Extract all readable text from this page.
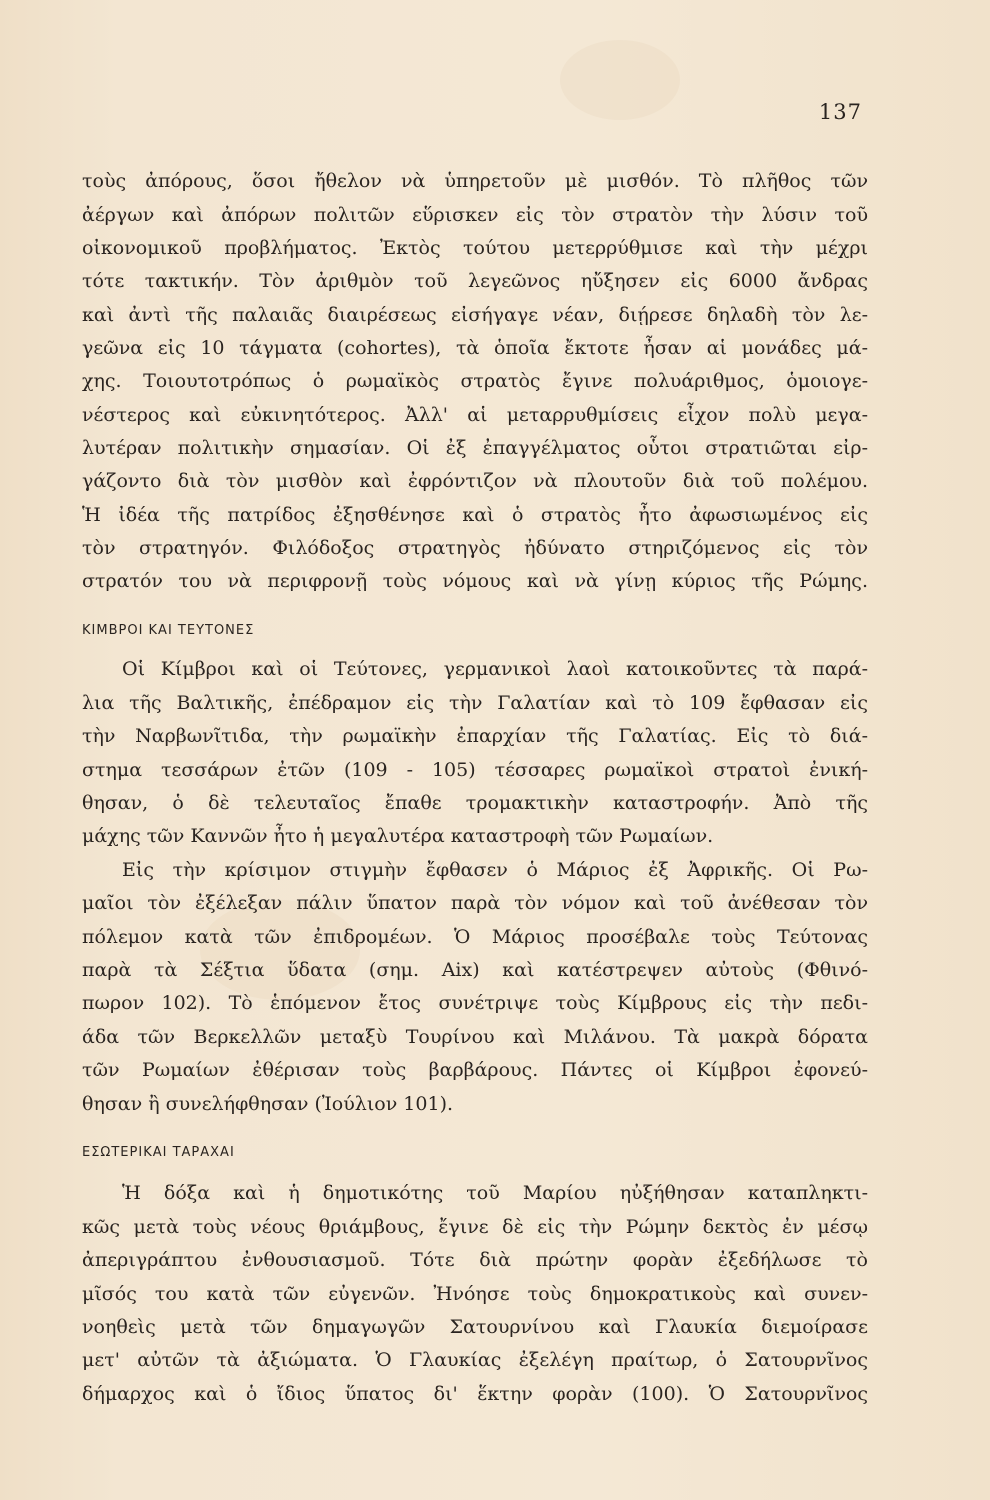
137
τοὺς ἀπόρους, ὅσοι ἤθελον νὰ ὑπηρετοῦν μὲ μισθόν. Τὸ πλῆθος τῶν
ἀέργων καὶ ἀπόρων πολιτῶν εὕρισκεν εἰς τὸν στρατὸν τὴν λύσιν τοῦ
οἰκονομικοῦ προβλήματος. Ἐκτὸς τούτου μετερρύθμισε καὶ τὴν μέχρι
τότε τακτικήν. Τὸν ἀριθμὸν τοῦ λεγεῶνος ηὔξησεν εἰς 6000 ἄνδρας
καὶ ἀντὶ τῆς παλαιᾶς διαιρέσεως εἰσήγαγε νέαν, διῄρεσε δηλαδὴ τὸν λε-
γεῶνα εἰς 10 τάγματα (cohortes), τὰ ὁποῖα ἔκτοτε ἦσαν αἱ μονάδες μά-
χης. Τοιουτοτρόπως ὁ ρωμαϊκὸς στρατὸς ἔγινε πολυάριθμος, ὁμοιογε-
νέστερος καὶ εὐκινητότερος. Ἀλλ' αἱ μεταρρυθμίσεις εἶχον πολὺ μεγα-
λυτέραν πολιτικὴν σημασίαν. Οἱ ἐξ ἐπαγγέλματος οὗτοι στρατιῶται εἰρ-
γάζοντο διὰ τὸν μισθὸν καὶ ἐφρόντιζον νὰ πλουτοῦν διὰ τοῦ πολέμου.
Ἡ ἰδέα τῆς πατρίδος ἐξησθένησε καὶ ὁ στρατὸς ἦτο ἀφωσιωμένος εἰς
τὸν στρατηγόν. Φιλόδοξος στρατηγὸς ἠδύνατο στηριζόμενος εἰς τὸν
στρατόν του νὰ περιφρονῇ τοὺς νόμους καὶ νὰ γίνῃ κύριος τῆς Ρώμης.
ΚΙΜΒΡΟΙ ΚΑΙ ΤΕΥΤΟΝΕΣ
Οἱ Κίμβροι καὶ οἱ Τεύτονες, γερμανικοὶ λαοὶ κατοικοῦντες τὰ παρά-
λια τῆς Βαλτικῆς, ἐπέδραμον εἰς τὴν Γαλατίαν καὶ τὸ 109 ἔφθασαν εἰς
τὴν Ναρβωνῖτιδα, τὴν ρωμαϊκὴν ἐπαρχίαν τῆς Γαλατίας. Εἰς τὸ διά-
στημα τεσσάρων ἐτῶν (109 - 105) τέσσαρες ρωμαϊκοὶ στρατοὶ ἐνική-
θησαν, ὁ δὲ τελευταῖος ἔπαθε τρομακτικὴν καταστροφήν. Ἀπὸ τῆς
μάχης τῶν Καννῶν ἦτο ἡ μεγαλυτέρα καταστροφὴ τῶν Ρωμαίων.
Εἰς τὴν κρίσιμον στιγμὴν ἔφθασεν ὁ Μάριος ἐξ Ἀφρικῆς. Οἱ Ρω-
μαῖοι τὸν ἐξέλεξαν πάλιν ὕπατον παρὰ τὸν νόμον καὶ τοῦ ἀνέθεσαν τὸν
πόλεμον κατὰ τῶν ἐπιδρομέων. Ὁ Μάριος προσέβαλε τοὺς Τεύτονας
παρὰ τὰ Σέξτια ὕδατα (σημ. Aix) καὶ κατέστρεψεν αὐτοὺς (Φθινό-
πωρον 102). Τὸ ἑπόμενον ἔτος συνέτριψε τοὺς Κίμβρους εἰς τὴν πεδι-
άδα τῶν Βερκελλῶν μεταξὺ Τουρίνου καὶ Μιλάνου. Τὰ μακρὰ δόρατα
τῶν Ρωμαίων ἐθέρισαν τοὺς βαρβάρους. Πάντες οἱ Κίμβροι ἐφονεύ-
θησαν ἢ συνελήφθησαν (Ἰούλιον 101).
ΕΣΩΤΕΡΙΚΑΙ ΤΑΡΑΧΑΙ
Ἡ δόξα καὶ ἡ δημοτικότης τοῦ Μαρίου ηὐξήθησαν καταπληκτι-
κῶς μετὰ τοὺς νέους θριάμβους, ἔγινε δὲ εἰς τὴν Ρώμην δεκτὸς ἐν μέσῳ
ἀπεριγράπτου ἐνθουσιασμοῦ. Τότε διὰ πρώτην φορὰν ἐξεδήλωσε τὸ
μῖσός του κατὰ τῶν εὐγενῶν. Ἠνόησε τοὺς δημοκρατικοὺς καὶ συνεν-
νοηθεὶς μετὰ τῶν δημαγωγῶν Σατουρνίνου καὶ Γλαυκία διεμοίρασε
μετ' αὐτῶν τὰ ἀξιώματα. Ὁ Γλαυκίας ἐξελέγη πραίτωρ, ὁ Σατουρνῖνος
δήμαρχος καὶ ὁ ἴδιος ὕπατος δι' ἕκτην φορὰν (100). Ὁ Σατουρνῖνος
